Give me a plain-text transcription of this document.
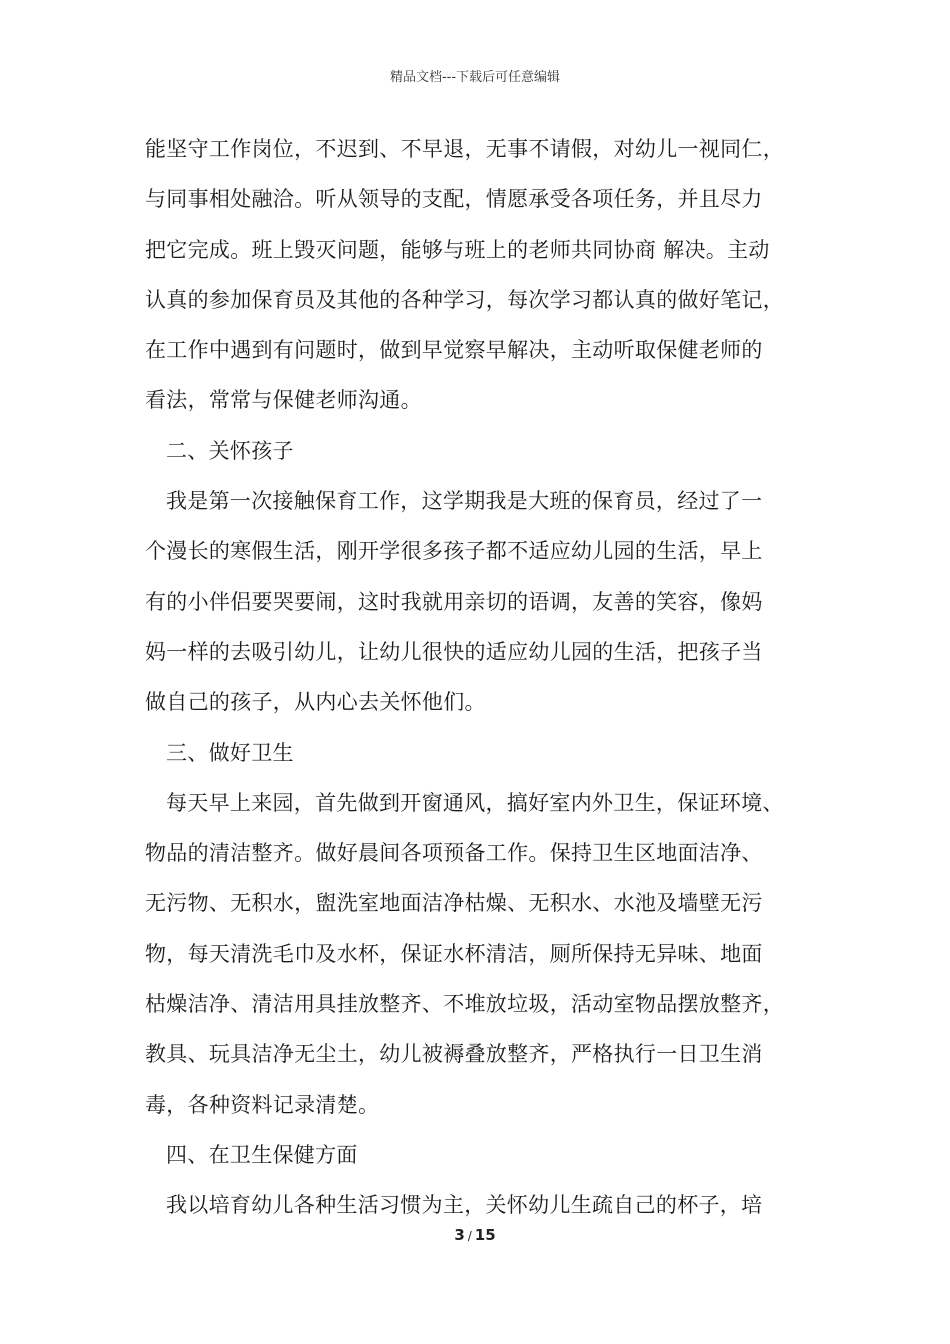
精品文档---下载后可任意编辑
能坚守工作岗位，不迟到、不早退，无事不请假，对幼儿一视同仁，
与同事相处融洽。听从领导的支配，情愿承受各项任务，并且尽力
把它完成。班上毁灭问题，能够与班上的老师共同协商 解决。主动
认真的参加保育员及其他的各种学习，每次学习都认真的做好笔记，
在工作中遇到有问题时，做到早觉察早解决，主动听取保健老师的
看法，常常与保健老师沟通。
二、关怀孩子
我是第一次接触保育工作，这学期我是大班的保育员，经过了一
个漫长的寒假生活，刚开学很多孩子都不适应幼儿园的生活，早上
有的小伴侣要哭要闹，这时我就用亲切的语调，友善的笑容，像妈
妈一样的去吸引幼儿，让幼儿很快的适应幼儿园的生活，把孩子当
做自己的孩子，从内心去关怀他们。
三、做好卫生
每天早上来园，首先做到开窗通风，搞好室内外卫生，保证环境、
物品的清洁整齐。做好晨间各项预备工作。保持卫生区地面洁净、
无污物、无积水，盥洗室地面洁净枯燥、无积水、水池及墙壁无污
物，每天清洗毛巾及水杯，保证水杯清洁，厕所保持无异味、地面
枯燥洁净、清洁用具挂放整齐、不堆放垃圾，活动室物品摆放整齐，
教具、玩具洁净无尘土，幼儿被褥叠放整齐，严格执行一日卫生消
毒，各种资料记录清楚。
四、在卫生保健方面
我以培育幼儿各种生活习惯为主，关怀幼儿生疏自己的杯子，培
3 / 15
